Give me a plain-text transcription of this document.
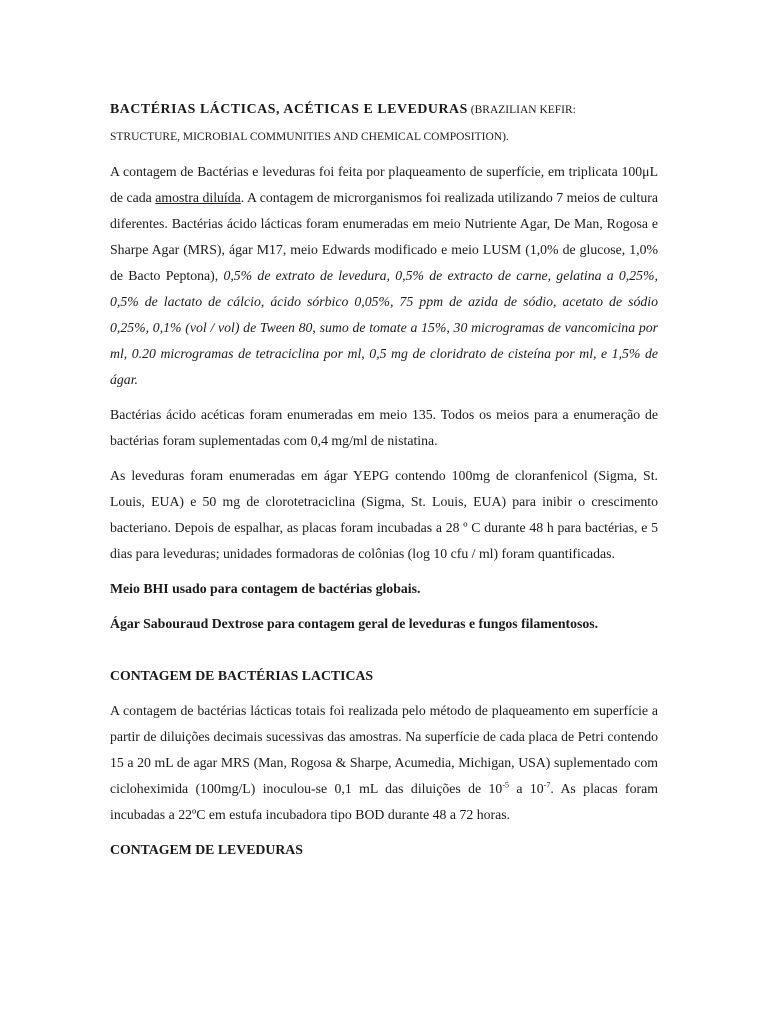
BACTÉRIAS LÁCTICAS, ACÉTICAS E LEVEDURAS (BRAZILIAN KEFIR:
STRUCTURE, MICROBIAL COMMUNITIES AND CHEMICAL COMPOSITION).

A contagem de Bactérias e leveduras foi feita por plaqueamento de superfície, em triplicata 100μL de cada amostra diluída. A contagem de microrganismos foi realizada utilizando 7 meios de cultura diferentes. Bactérias ácido lácticas foram enumeradas em meio Nutriente Agar, De Man, Rogosa e Sharpe Agar (MRS), ágar M17, meio Edwards modificado e meio LUSM (1,0% de glucose, 1,0% de Bacto Peptona), 0,5% de extrato de levedura, 0,5% de extracto de carne, gelatina a 0,25%, 0,5% de lactato de cálcio, ácido sórbico 0,05%, 75 ppm de azida de sódio, acetato de sódio 0,25%, 0,1% (vol / vol) de Tween 80, sumo de tomate a 15%, 30 microgramas de vancomicina por ml, 0.20 microgramas de tetraciclina por ml, 0,5 mg de cloridrato de cisteína por ml, e 1,5% de ágar.

Bactérias ácido acéticas foram enumeradas em meio 135. Todos os meios para a enumeração de bactérias foram suplementadas com 0,4 mg/ml de nistatina.

As leveduras foram enumeradas em ágar YEPG contendo 100mg de cloranfenicol (Sigma, St. Louis, EUA) e 50 mg de clorotetraciclina (Sigma, St. Louis, EUA) para inibir o crescimento bacteriano. Depois de espalhar, as placas foram incubadas a 28 º C durante 48 h para bactérias, e 5 dias para leveduras; unidades formadoras de colônias (log 10 cfu / ml) foram quantificadas.

Meio BHI usado para contagem de bactérias globais.

Ágar Sabouraud Dextrose para contagem geral de leveduras e fungos filamentosos.

CONTAGEM DE BACTÉRIAS LACTICAS

A contagem de bactérias lácticas totais foi realizada pelo método de plaqueamento em superfície a partir de diluições decimais sucessivas das amostras. Na superfície de cada placa de Petri contendo 15 a 20 mL de agar MRS (Man, Rogosa & Sharpe, Acumedia, Michigan, USA) suplementado com cicloheximida (100mg/L) inoculou-se 0,1 mL das diluições de $10^{-5}$ a $10^{-7}$. As placas foram incubadas a 22ºC em estufa incubadora tipo BOD durante 48 a 72 horas.

CONTAGEM DE LEVEDURAS
